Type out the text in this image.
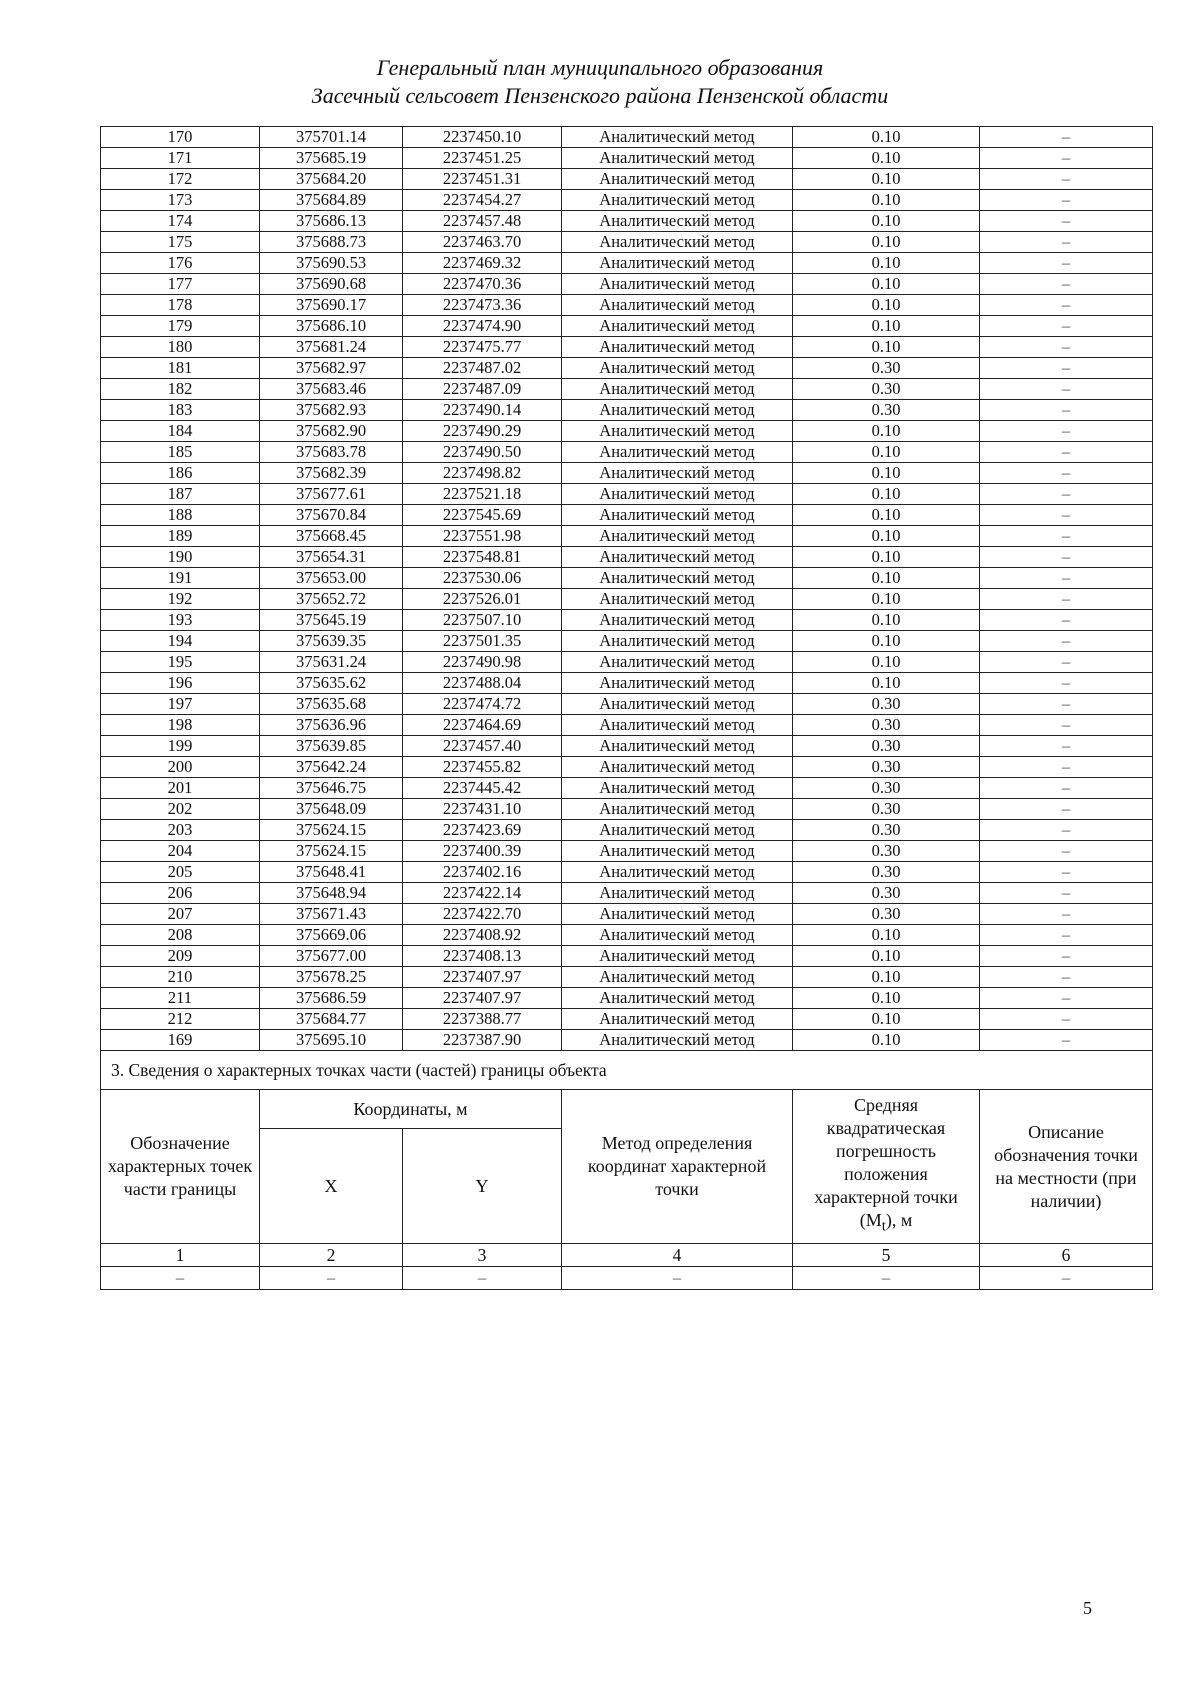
Генеральный план муниципального образования
Засечный сельсовет Пензенского района Пензенской области
170	375701.14	2237450.10	Аналитический метод	0.10	–
171	375685.19	2237451.25	Аналитический метод	0.10	–
172	375684.20	2237451.31	Аналитический метод	0.10	–
173	375684.89	2237454.27	Аналитический метод	0.10	–
174	375686.13	2237457.48	Аналитический метод	0.10	–
175	375688.73	2237463.70	Аналитический метод	0.10	–
176	375690.53	2237469.32	Аналитический метод	0.10	–
177	375690.68	2237470.36	Аналитический метод	0.10	–
178	375690.17	2237473.36	Аналитический метод	0.10	–
179	375686.10	2237474.90	Аналитический метод	0.10	–
180	375681.24	2237475.77	Аналитический метод	0.10	–
181	375682.97	2237487.02	Аналитический метод	0.30	–
182	375683.46	2237487.09	Аналитический метод	0.30	–
183	375682.93	2237490.14	Аналитический метод	0.30	–
184	375682.90	2237490.29	Аналитический метод	0.10	–
185	375683.78	2237490.50	Аналитический метод	0.10	–
186	375682.39	2237498.82	Аналитический метод	0.10	–
187	375677.61	2237521.18	Аналитический метод	0.10	–
188	375670.84	2237545.69	Аналитический метод	0.10	–
189	375668.45	2237551.98	Аналитический метод	0.10	–
190	375654.31	2237548.81	Аналитический метод	0.10	–
191	375653.00	2237530.06	Аналитический метод	0.10	–
192	375652.72	2237526.01	Аналитический метод	0.10	–
193	375645.19	2237507.10	Аналитический метод	0.10	–
194	375639.35	2237501.35	Аналитический метод	0.10	–
195	375631.24	2237490.98	Аналитический метод	0.10	–
196	375635.62	2237488.04	Аналитический метод	0.10	–
197	375635.68	2237474.72	Аналитический метод	0.30	–
198	375636.96	2237464.69	Аналитический метод	0.30	–
199	375639.85	2237457.40	Аналитический метод	0.30	–
200	375642.24	2237455.82	Аналитический метод	0.30	–
201	375646.75	2237445.42	Аналитический метод	0.30	–
202	375648.09	2237431.10	Аналитический метод	0.30	–
203	375624.15	2237423.69	Аналитический метод	0.30	–
204	375624.15	2237400.39	Аналитический метод	0.30	–
205	375648.41	2237402.16	Аналитический метод	0.30	–
206	375648.94	2237422.14	Аналитический метод	0.30	–
207	375671.43	2237422.70	Аналитический метод	0.30	–
208	375669.06	2237408.92	Аналитический метод	0.10	–
209	375677.00	2237408.13	Аналитический метод	0.10	–
210	375678.25	2237407.97	Аналитический метод	0.10	–
211	375686.59	2237407.97	Аналитический метод	0.10	–
212	375684.77	2237388.77	Аналитический метод	0.10	–
169	375695.10	2237387.90	Аналитический метод	0.10	–
3. Сведения о характерных точках части (частей) границы объекта					
Обозначение характерных точек части границы	Координаты, м		Метод определения координат характерной точки	Средняя квадратическая погрешность положения характерной точки $(M_t)$, м	Описание обозначения точки на местности (при наличии)
	X	Y			
1	2	3	4	5	6
–	–	–	–	–	–
5
